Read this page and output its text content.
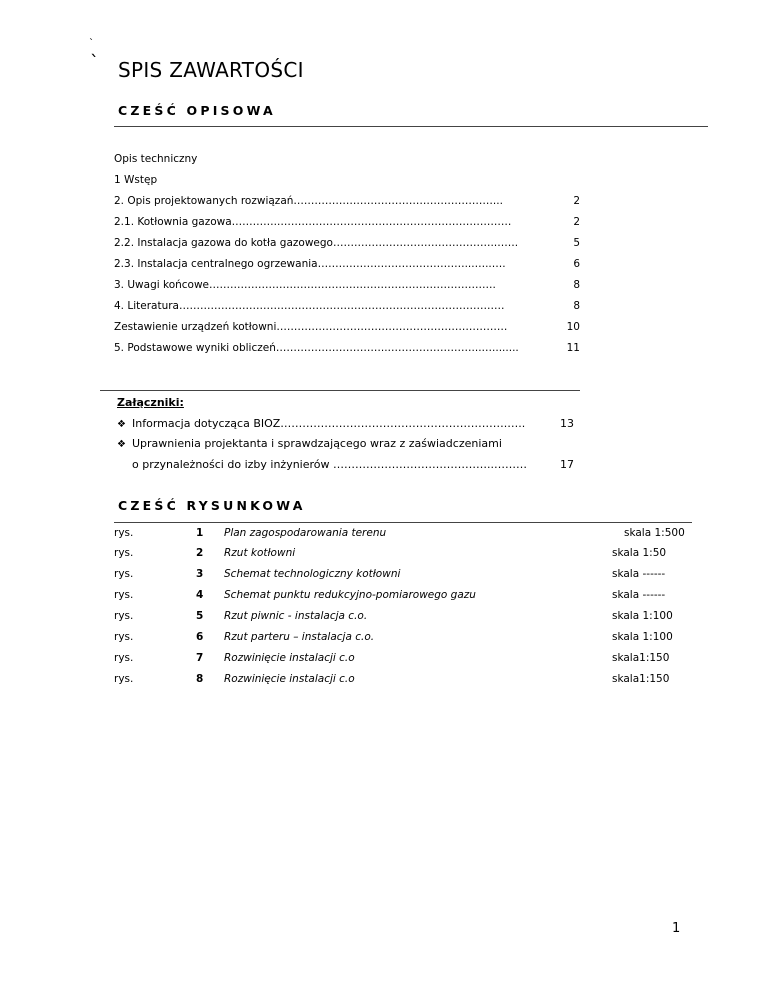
`
` SPIS ZAWARTOŚCI
CZEŚĆ OPISOWA
Opis techniczny
1 Wstęp
2. Opis projektowanych rozwiązań…………………………………………………...	2
2.1. Kotłownia gazowa…………..…………………………………………………………	2
2.2. Instalacja gazowa do kotła gazowego……………………………………….…….	5
2.3. Instalacja centralnego ogrzewania……………………………………...…..….	6
3. Uwagi końcowe……………………………………………………………………….	8
4. Literatura…………………………………………………………………………………	8
Zestawienie urządzeń kotłowni…………………………………………………………	10
5. Podstawowe wyniki obliczeń…………………………..……………………...…........	11
Załączniki:
❖ Informacja dotycząca BIOZ…………….……………………………………….…..	13
❖ Uprawnienia projektanta i sprawdzającego wraz z zaświadczeniami
o przynależności do izby inżynierów ……………………………………..………	17
CZEŚĆ RYSUNKOWA
rys.	1 Plan zagospodarowania terenu	skala 1:500
rys.	2 Rzut kotłowni	skala 1:50
rys.	3 Schemat technologiczny kotłowni	skala ------
rys.	4 Schemat punktu redukcyjno-pomiarowego gazu	skala ------
rys.	5 Rzut piwnic - instalacja c.o.	skala 1:100
rys.	6 Rzut parteru – instalacja c.o.	skala 1:100
rys.	7 Rozwinięcie instalacji c.o	skala1:150
rys.	8 Rozwinięcie instalacji c.o	skala1:150
1
